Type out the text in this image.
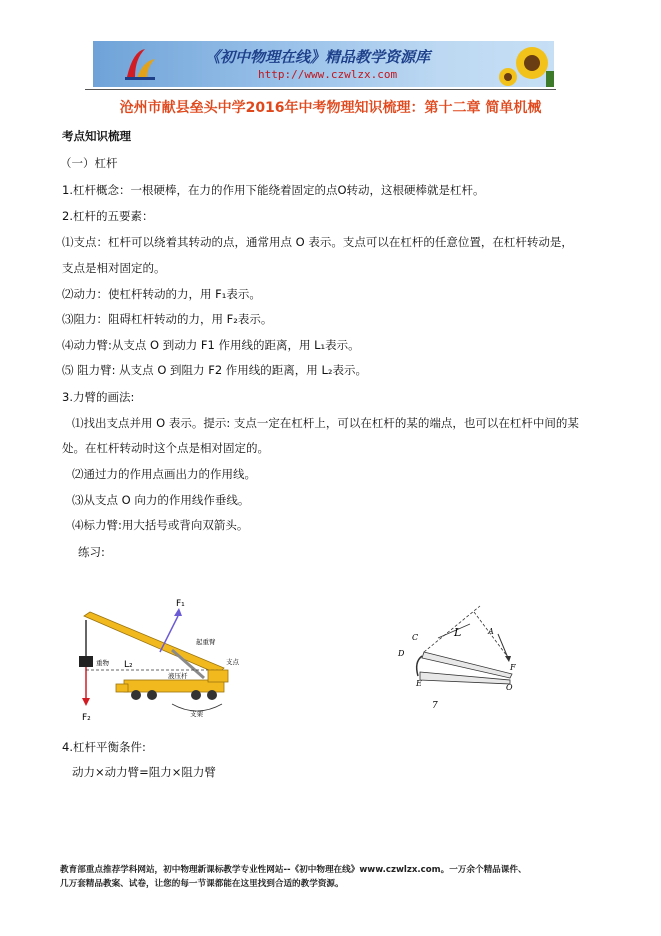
《初中物理在线》精品教学资源库
http://www.czwlzx.com
沧州市献县垒头中学2016年中考物理知识梳理：第十二章 简单机械
考点知识梳理
（一）杠杆
1.杠杆概念：一根硬棒，在力的作用下能绕着固定的点O转动，这根硬棒就是杠杆。
2.杠杆的五要素：
⑴支点：杠杆可以绕着其转动的点，通常用点 O 表示。支点可以在杠杆的任意位置，在杠杆转动是，
支点是相对固定的。
⑵动力：使杠杆转动的力，用 F₁表示。
⑶阻力：阻碍杠杆转动的力，用 F₂表示。
⑷动力臂:从支点 O 到动力 F1 作用线的距离，用 L₁表示。
⑸ 阻力臂: 从支点 O 到阻力 F2 作用线的距离，用 L₂表示。
3.力臂的画法:
⑴找出支点并用 O 表示。提示: 支点一定在杠杆上，可以在杠杆的某的端点，也可以在杠杆中间的某
处。在杠杆转动时这个点是相对固定的。
⑵通过力的作用点画出力的作用线。
⑶从支点 O 向力的作用线作垂线。
⑷标力臂:用大括号或背向双箭头。
练习:
F₁
F₂
L₂
重物
起重臂
支点
液压杆
支架
C
D
E
L	A
F
O
7
4.杠杆平衡条件:
动力×动力臂=阻力×阻力臂
教育部重点推荐学科网站，初中物理新课标教学专业性网站--《初中物理在线》www.czwlzx.com。一万余个精品课件、
几万套精品教案、试卷，让您的每一节课都能在这里找到合适的教学资源。
